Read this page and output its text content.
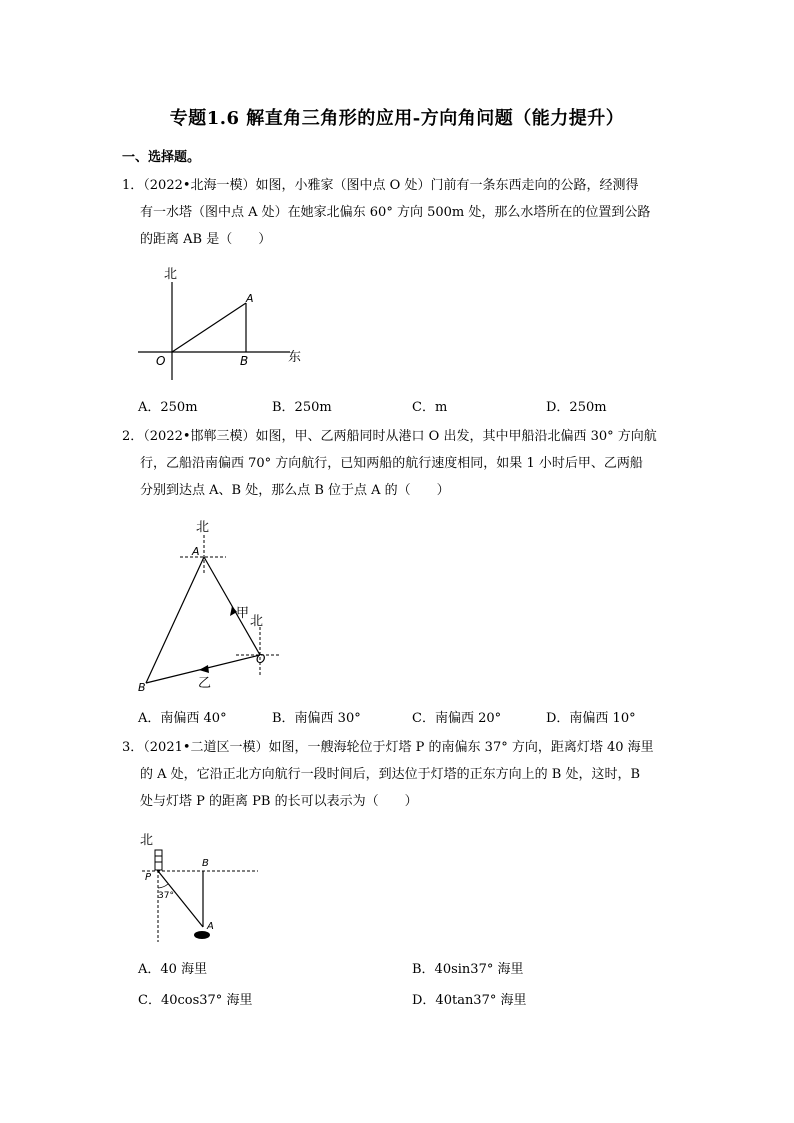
专题1.6 解直角三角形的应用-方向角问题（能力提升）
一、选择题。
1．（2022•北海一模）如图，小雅家（图中点 O 处）门前有一条东西走向的公路，经测得
有一水塔（图中点 A 处）在她家北偏东 60° 方向 500m 处，那么水塔所在的位置到公路
的距离 AB 是（　　）
北
东
O
A
B
A．250m	B．250m	C．m	D．250m
2．（2022•邯郸三模）如图，甲、乙两船同时从港口 O 出发，其中甲船沿北偏西 30° 方向航
行，乙船沿南偏西 70° 方向航行，已知两船的航行速度相同，如果 1 小时后甲、乙两船
分别到达点 A、B 处，那么点 B 位于点 A 的（　　）
北
北
A
O
B
甲
乙
A．南偏西 40°	B．南偏西 30°	C．南偏西 20°	D．南偏西 10°
3．（2021•二道区一模）如图，一艘海轮位于灯塔 P 的南偏东 37° 方向，距离灯塔 40 海里
的 A 处，它沿正北方向航行一段时间后，到达位于灯塔的正东方向上的 B 处，这时，B
处与灯塔 P 的距离 PB 的长可以表示为（　　）
北
P
B
A
37°
A．40 海里	B．40sin37° 海里
C．40cos37° 海里	D．40tan37° 海里
